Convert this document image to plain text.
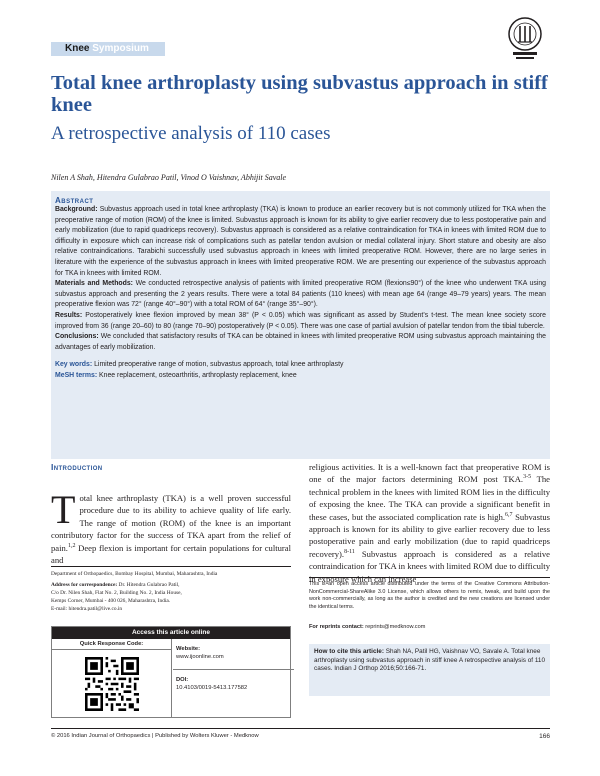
Knee Symposium
Total knee arthroplasty using subvastus approach in stiff knee
A retrospective analysis of 110 cases
Nilen A Shah, Hitendra Gulabrao Patil, Vinod O Vaishnav, Abhijit Savale
Abstract
Background: Subvastus approach used in total knee arthroplasty (TKA) is known to produce an earlier recovery but is not commonly utilized for TKA when the preoperative range of motion (ROM) of the knee is limited. Subvastus approach is known for its ability to give earlier recovery due to less postoperative pain and early mobilization (due to rapid quadriceps recovery). Subvastus approach is considered as a relative contraindication for TKA in knees with limited ROM due to difficulty in exposure which can increase risk of complications such as patellar tendon avulsion or medial collateral injury. Short stature and obesity are also relative contraindications. Tarabichi successfully used subvastus approach in knees with limited preoperative ROM. However, there are no large series in literature with the experience of the subvastus approach in knees with limited preoperative ROM. We are presenting our experience of the subvastus approach for TKA in knees with limited ROM.
Materials and Methods: We conducted retrospective analysis of patients with limited preoperative ROM (flexion≤90°) of the knee who underwent TKA using subvastus approach and presenting the 2 years results. There were a total 84 patients (110 knees) with mean age 64 (range 49–79 years) years. The mean preoperative flexion was 72° (range 40°–90°) with a total ROM of 64° (range 35°–90°).
Results: Postoperatively knee flexion improved by mean 38° (P < 0.05) which was significant as assed by Student’s t-test. The mean knee society score improved from 36 (range 20–60) to 80 (range 70–90) postoperatively (P < 0.05). There was one case of partial avulsion of patellar tendon from the tibial tubercle.
Conclusions: We concluded that satisfactory results of TKA can be obtained in knees with limited preoperative ROM using subvastus approach maintaining the advantages of early mobilization.
Key words: Limited preoperative range of motion, subvastus approach, total knee arthroplasty
MeSH terms: Knee replacement, osteoarthritis, arthroplasty replacement, knee
Introduction
Total knee arthroplasty (TKA) is a well proven successful procedure due to its ability to achieve quality of life early. The range of motion (ROM) of the knee is an important contributory factor for the success of TKA apart from the relief of pain.$^{1,2}$ Deep flexion is important for certain populations for cultural and
religious activities. It is a well-known fact that preoperative ROM is one of the major factors determining ROM post TKA.$^{3-5}$ The technical problem in the knees with limited ROM lies in the difficulty of exposing the knee. The TKA can provide a significant benefit in these cases, but the associated complication rate is high.$^{6,7}$ Subvastus approach is known for its ability to give earlier recovery due to less postoperative pain and early mobilization (due to rapid quadriceps recovery).$^{8-11}$ Subvastus approach is considered as a relative contraindication for TKA in knees with limited ROM due to difficulty in exposure which can increase
Department of Orthopaedics, Bombay Hospital, Mumbai, Maharashtra, India
Address for correspondence: Dr. Hitendra Gulabrao Patil,
C/o Dr. Nilen Shah, Flat No. 2, Building No. 2, India House,
Kemps Corner, Mumbai - 400 026, Maharashtra, India.
E-mail: hitendra.patil@live.co.in
Access this article online
Quick Response Code:
Website:
www.ijoonline.com
DOI:
10.4103/0019-5413.177582
This is an open access article distributed under the terms of the Creative Commons Attribution-NonCommercial-ShareAlike 3.0 License, which allows others to remix, tweak, and build upon the work non-commercially, as long as the author is credited and the new creations are licensed under the identical terms.
For reprints contact: reprints@medknow.com
How to cite this article: Shah NA, Patil HG, Vaishnav VO, Savale A. Total knee arthroplasty using subvastus approach in stiff knee A retrospective analysis of 110 cases. Indian J Orthop 2016;50:166-71.
© 2016 Indian Journal of Orthopaedics | Published by Wolters Kluwer - Medknow	166
